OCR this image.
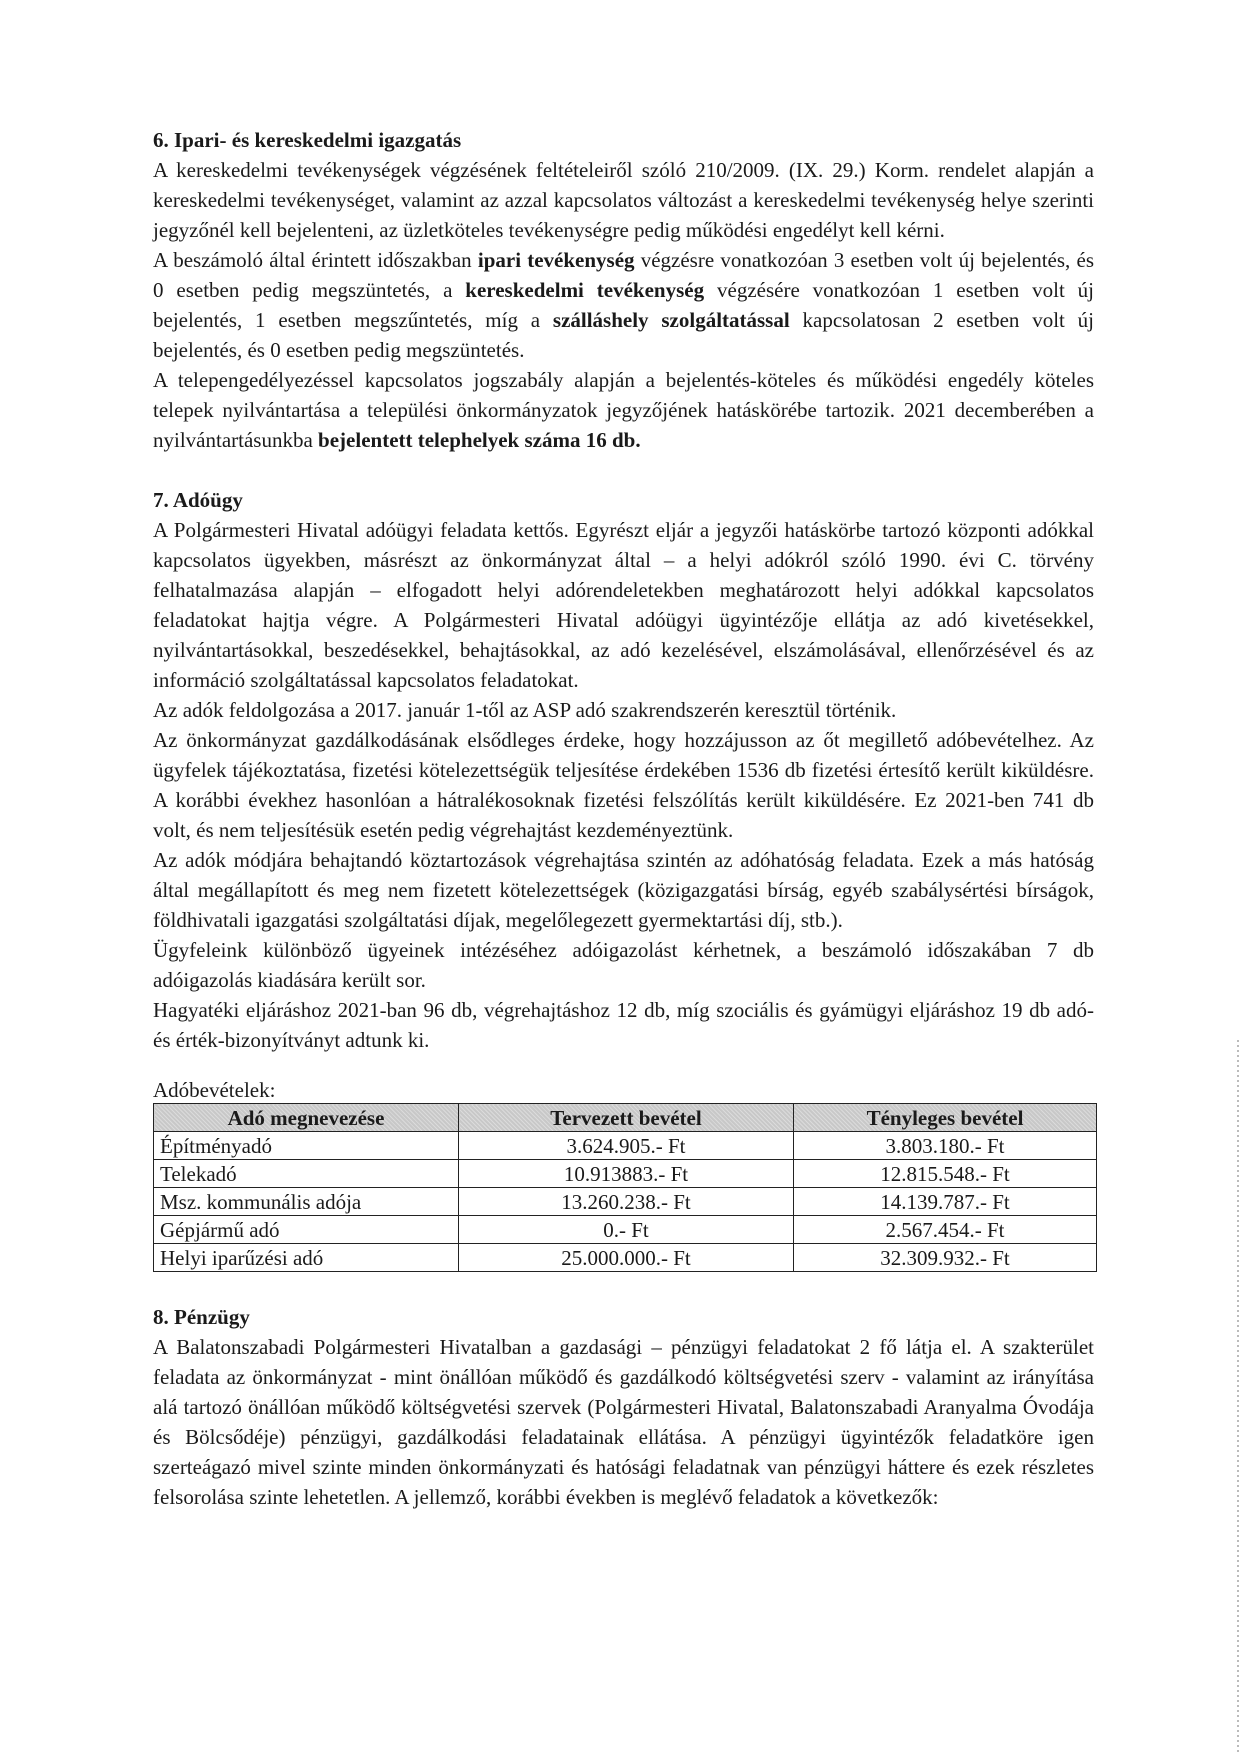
6. Ipari- és kereskedelmi igazgatás

A kereskedelmi tevékenységek végzésének feltételeiről szóló 210/2009. (IX. 29.) Korm. rendelet alapján a kereskedelmi tevékenységet, valamint az azzal kapcsolatos változást a kereskedelmi tevékenység helye szerinti jegyzőnél kell bejelenteni, az üzletköteles tevékenységre pedig működési engedélyt kell kérni.

A beszámoló által érintett időszakban ipari tevékenység végzésre vonatkozóan 3 esetben volt új bejelentés, és 0 esetben pedig megszüntetés, a kereskedelmi tevékenység végzésére vonatkozóan 1 esetben volt új bejelentés, 1 esetben megszűntetés, míg a szálláshely szolgáltatással kapcsolatosan 2 esetben volt új bejelentés, és 0 esetben pedig megszüntetés.

A telepengedélyezéssel kapcsolatos jogszabály alapján a bejelentés-köteles és működési engedély köteles telepek nyilvántartása a települési önkormányzatok jegyzőjének hatáskörébe tartozik. 2021 decemberében a nyilvántartásunkba bejelentett telephelyek száma 16 db.

7. Adóügy

A Polgármesteri Hivatal adóügyi feladata kettős. Egyrészt eljár a jegyzői hatáskörbe tartozó központi adókkal kapcsolatos ügyekben, másrészt az önkormányzat által – a helyi adókról szóló 1990. évi C. törvény felhatalmazása alapján – elfogadott helyi adórendeletekben meghatározott helyi adókkal kapcsolatos feladatokat hajtja végre. A Polgármesteri Hivatal adóügyi ügyintézője ellátja az adó kivetésekkel, nyilvántartásokkal, beszedésekkel, behajtásokkal, az adó kezelésével, elszámolásával, ellenőrzésével és az információ szolgáltatással kapcsolatos feladatokat.

Az adók feldolgozása a 2017. január 1-től az ASP adó szakrendszerén keresztül történik.

Az önkormányzat gazdálkodásának elsődleges érdeke, hogy hozzájusson az őt megillető adóbevételhez. Az ügyfelek tájékoztatása, fizetési kötelezettségük teljesítése érdekében 1536 db fizetési értesítő került kiküldésre. A korábbi évekhez hasonlóan a hátralékosoknak fizetési felszólítás került kiküldésére. Ez 2021-ben 741 db volt, és nem teljesítésük esetén pedig végrehajtást kezdeményeztünk.

Az adók módjára behajtandó köztartozások végrehajtása szintén az adóhatóság feladata. Ezek a más hatóság által megállapított és meg nem fizetett kötelezettségek (közigazgatási bírság, egyéb szabálysértési bírságok, földhivatali igazgatási szolgáltatási díjak, megelőlegezett gyermektartási díj, stb.).

Ügyfeleink különböző ügyeinek intézéséhez adóigazolást kérhetnek, a beszámoló időszakában 7 db adóigazolás kiadására került sor.

Hagyatéki eljáráshoz 2021-ban 96 db, végrehajtáshoz 12 db, míg szociális és gyámügyi eljáráshoz 19 db adó- és érték-bizonyítványt adtunk ki.

Adóbevételek:
Adó megnevezése	Tervezett bevétel	Tényleges bevétel
Építményadó	3.624.905.- Ft	3.803.180.- Ft
Telekadó	10.913883.- Ft	12.815.548.- Ft
Msz. kommunális adója	13.260.238.- Ft	14.139.787.- Ft
Gépjármű adó	0.- Ft	2.567.454.- Ft
Helyi iparűzési adó	25.000.000.- Ft	32.309.932.- Ft
8. Pénzügy

A Balatonszabadi Polgármesteri Hivatalban a gazdasági – pénzügyi feladatokat 2 fő látja el. A szakterület feladata az önkormányzat - mint önállóan működő és gazdálkodó költségvetési szerv - valamint az irányítása alá tartozó önállóan működő költségvetési szervek (Polgármesteri Hivatal, Balatonszabadi Aranyalma Óvodája és Bölcsődéje) pénzügyi, gazdálkodási feladatainak ellátása. A pénzügyi ügyintézők feladatköre igen szerteágazó mivel szinte minden önkormányzati és hatósági feladatnak van pénzügyi háttere és ezek részletes felsorolása szinte lehetetlen. A jellemző, korábbi években is meglévő feladatok a következők:
